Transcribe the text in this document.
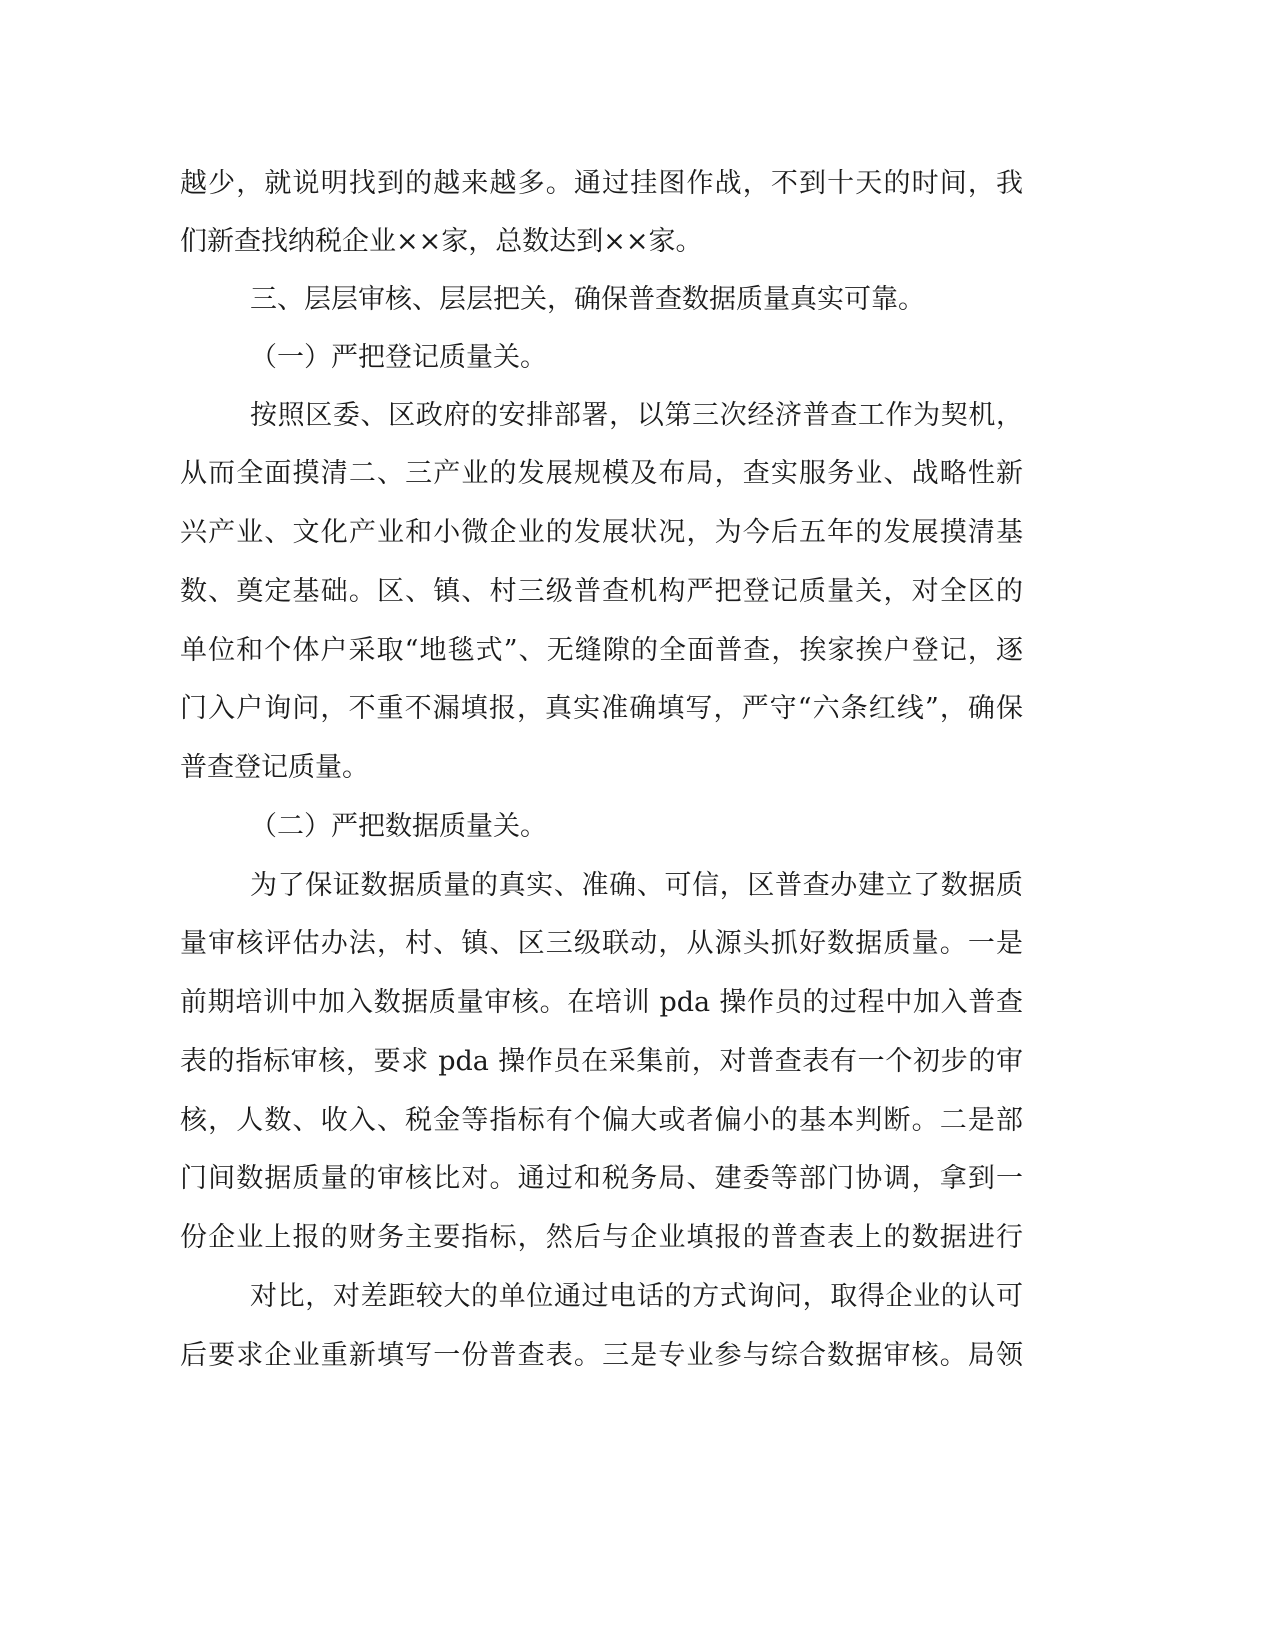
越少，就说明找到的越来越多。通过挂图作战，不到十天的时间，我
们新查找纳税企业××家，总数达到××家。
三、层层审核、层层把关，确保普查数据质量真实可靠。
（一）严把登记质量关。
按照区委、区政府的安排部署，以第三次经济普查工作为契机，
从而全面摸清二、三产业的发展规模及布局，查实服务业、战略性新
兴产业、文化产业和小微企业的发展状况，为今后五年的发展摸清基
数、奠定基础。区、镇、村三级普查机构严把登记质量关，对全区的
单位和个体户采取“地毯式”、无缝隙的全面普查，挨家挨户登记，逐
门入户询问，不重不漏填报，真实准确填写，严守“六条红线”，确保
普查登记质量。
（二）严把数据质量关。
为了保证数据质量的真实、准确、可信，区普查办建立了数据质
量审核评估办法，村、镇、区三级联动，从源头抓好数据质量。一是
前期培训中加入数据质量审核。在培训 pda 操作员的过程中加入普查
表的指标审核，要求 pda 操作员在采集前，对普查表有一个初步的审
核，人数、收入、税金等指标有个偏大或者偏小的基本判断。二是部
门间数据质量的审核比对。通过和税务局、建委等部门协调，拿到一
份企业上报的财务主要指标，然后与企业填报的普查表上的数据进行
对比，对差距较大的单位通过电话的方式询问，取得企业的认可
后要求企业重新填写一份普查表。三是专业参与综合数据审核。局领
